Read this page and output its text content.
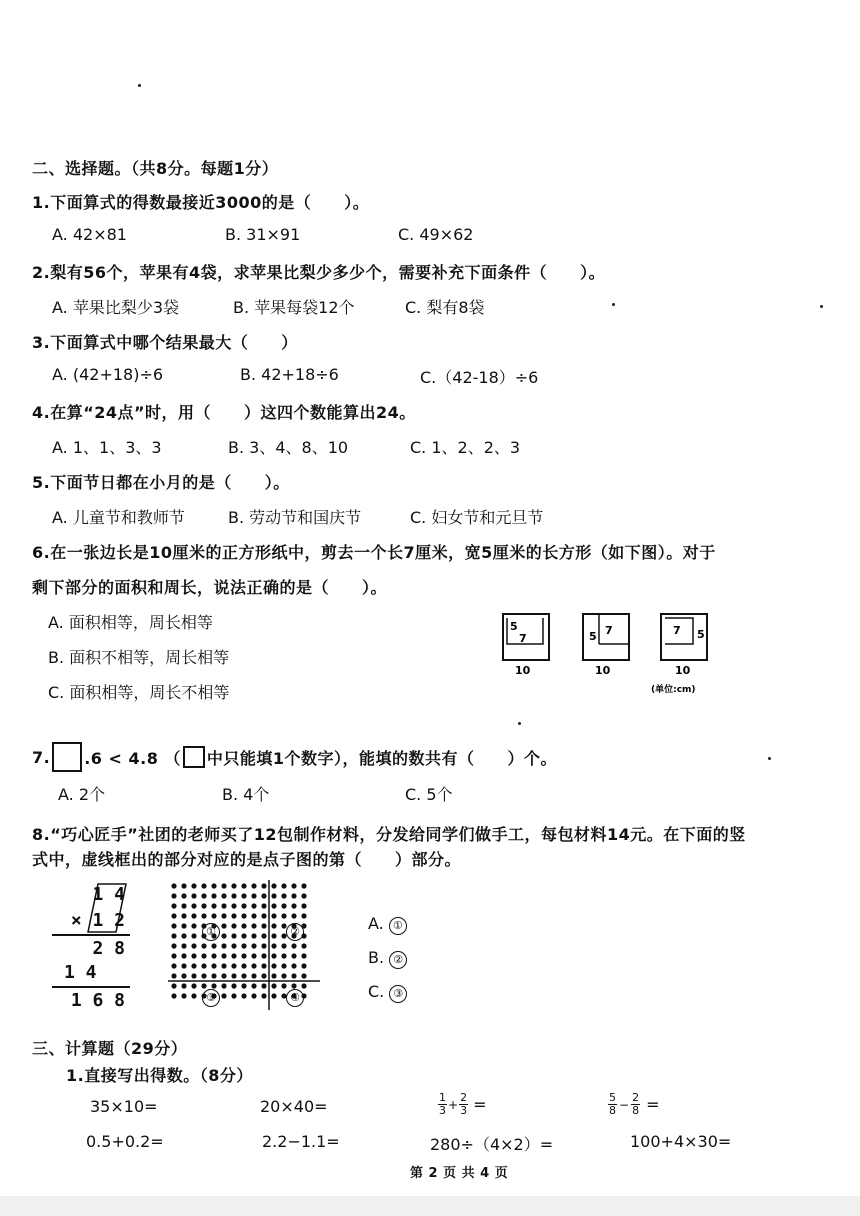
二、选择题。（共8分。每题1分）
1.下面算式的得数最接近3000的是（　　）。
A. 42×81	B. 31×91	C. 49×62
2.梨有56个，苹果有4袋，求苹果比梨少多少个，需要补充下面条件（　　）。
A. 苹果比梨少3袋	B. 苹果每袋12个	C. 梨有8袋
3.下面算式中哪个结果最大（　　）
A. (42+18)÷6	B. 42+18÷6	C.（42-18）÷6
4.在算“24点”时，用（　　）这四个数能算出24。
A. 1、1、3、3	B. 3、4、8、10	C. 1、2、2、3
5.下面节日都在小月的是（　　）。
A. 儿童节和教师节	B. 劳动节和国庆节	C. 妇女节和元旦节
6.在一张边长是10厘米的正方形纸中，剪去一个长7厘米，宽5厘米的长方形（如下图）。对于
剩下部分的面积和周长，说法正确的是（　　）。
A. 面积相等，周长相等
B. 面积不相等，周长相等
C. 面积相等，周长不相等
5
7
10
5 7
10
7 5
10
(单位:cm)
7. .6 < 4.8 （ 中只能填1个数字），能填的数共有（　　）个。
A. 2个	B. 4个	C. 5个
8.“巧心匠手”社团的老师买了12包制作材料，分发给同学们做手工，每包材料14元。在下面的竖
式中，虚线框出的部分对应的是点子图的第（　　）部分。
1 4
× 1 2
2 8
1 4
1 6 8
①	②
③	④
A. ①
B. ②
C. ③
三、计算题（29分）
1.直接写出得数。（8分）
35×10=	20×40=	$\frac{1}{3} + \frac{2}{3}$ =	$\frac{5}{8} - \frac{2}{8}$ =
0.5+0.2=	2.2−1.1=	280÷（4×2）=	100+4×30=
第 2 页 共 4 页
